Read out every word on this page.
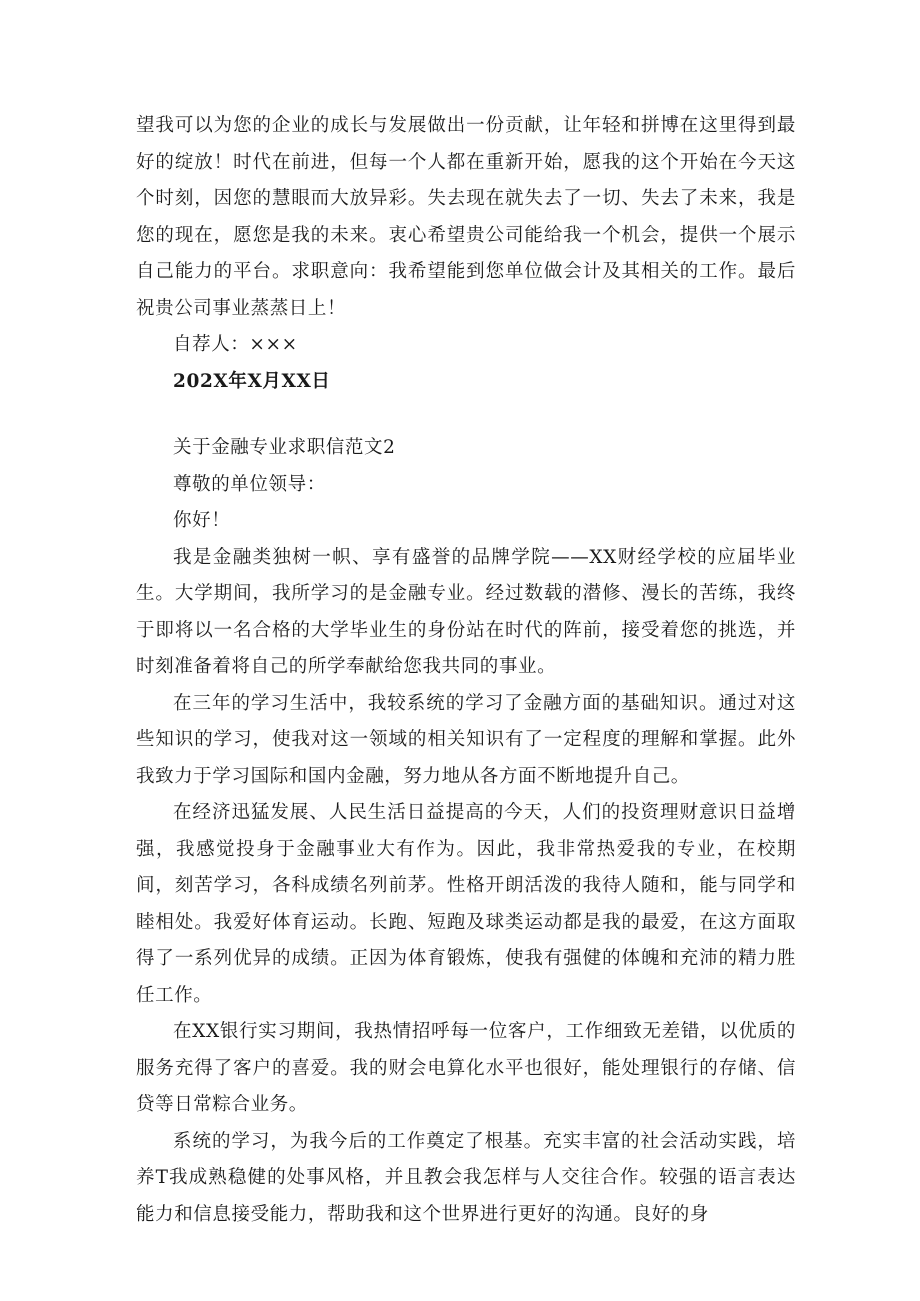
望我可以为您的企业的成长与发展做出一份贡献，让年轻和拼博在这里得到最好的绽放！时代在前进，但每一个人都在重新开始，愿我的这个开始在今天这个时刻，因您的慧眼而大放异彩。失去现在就失去了一切、失去了未来，我是您的现在，愿您是我的未来。衷心希望贵公司能给我一个机会，提供一个展示自己能力的平台。求职意向：我希望能到您单位做会计及其相关的工作。最后祝贵公司事业蒸蒸日上！

自荐人：×××

202X年X月XX日

关于金融专业求职信范文2

尊敬的单位领导：

你好！

我是金融类独树一帜、享有盛誉的品牌学院——XX财经学校的应届毕业生。大学期间，我所学习的是金融专业。经过数载的潜修、漫长的苦练，我终于即将以一名合格的大学毕业生的身份站在时代的阵前，接受着您的挑选，并时刻准备着将自己的所学奉献给您我共同的事业。

在三年的学习生活中，我较系统的学习了金融方面的基础知识。通过对这些知识的学习，使我对这一领域的相关知识有了一定程度的理解和掌握。此外我致力于学习国际和国内金融，努力地从各方面不断地提升自己。

在经济迅猛发展、人民生活日益提高的今天，人们的投资理财意识日益增强，我感觉投身于金融事业大有作为。因此，我非常热爱我的专业，在校期间，刻苦学习，各科成绩名列前茅。性格开朗活泼的我待人随和，能与同学和睦相处。我爱好体育运动。长跑、短跑及球类运动都是我的最爱，在这方面取得了一系列优异的成绩。正因为体育锻炼，使我有强健的体魄和充沛的精力胜任工作。

在XX银行实习期间，我热情招呼每一位客户，工作细致无差错，以优质的服务充得了客户的喜爱。我的财会电算化水平也很好，能处理银行的存储、信贷等日常粽合业务。

系统的学习，为我今后的工作奠定了根基。充实丰富的社会活动实践，培养T我成熟稳健的处事风格，并且教会我怎样与人交往合作。较强的语言表达能力和信息接受能力，帮助我和这个世界进行更好的沟通。良好的身
